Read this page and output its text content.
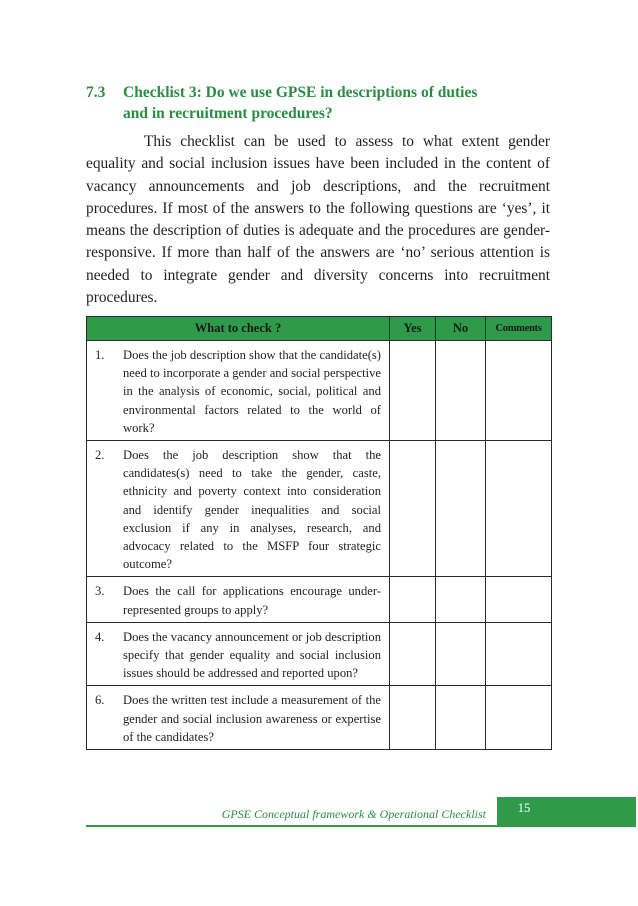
7.3 Checklist 3: Do we use GPSE in descriptions of duties
and in recruitment procedures?

This checklist can be used to assess to what extent gender equality and social inclusion issues have been included in the content of vacancy announcements and job descriptions, and the recruitment procedures. If most of the answers to the following questions are ‘yes’, it means the description of duties is adequate and the procedures are gender-responsive. If more than half of the answers are ‘no’ serious attention is needed to integrate gender and diversity concerns into recruitment procedures.

What to check ?	Yes	No	Comments

1. Does the job description show that the candidate(s) need to incorporate a gender and social perspective in the analysis of economic, social, political and environmental factors related to the world of work?			

2. Does the job description show that the candidates(s) need to take the gender, caste, ethnicity and poverty context into consideration and identify gender inequalities and social exclusion if any in analyses, research, and advocacy related to the MSFP four strategic outcome?			

3. Does the call for applications encourage under-represented groups to apply?			

4. Does the vacancy announcement or job description specify that gender equality and social inclusion issues should be addressed and reported upon?			

6. Does the written test include a measurement of the gender and social inclusion awareness or expertise of the candidates?			

GPSE Conceptual framework & Operational Checklist	15
